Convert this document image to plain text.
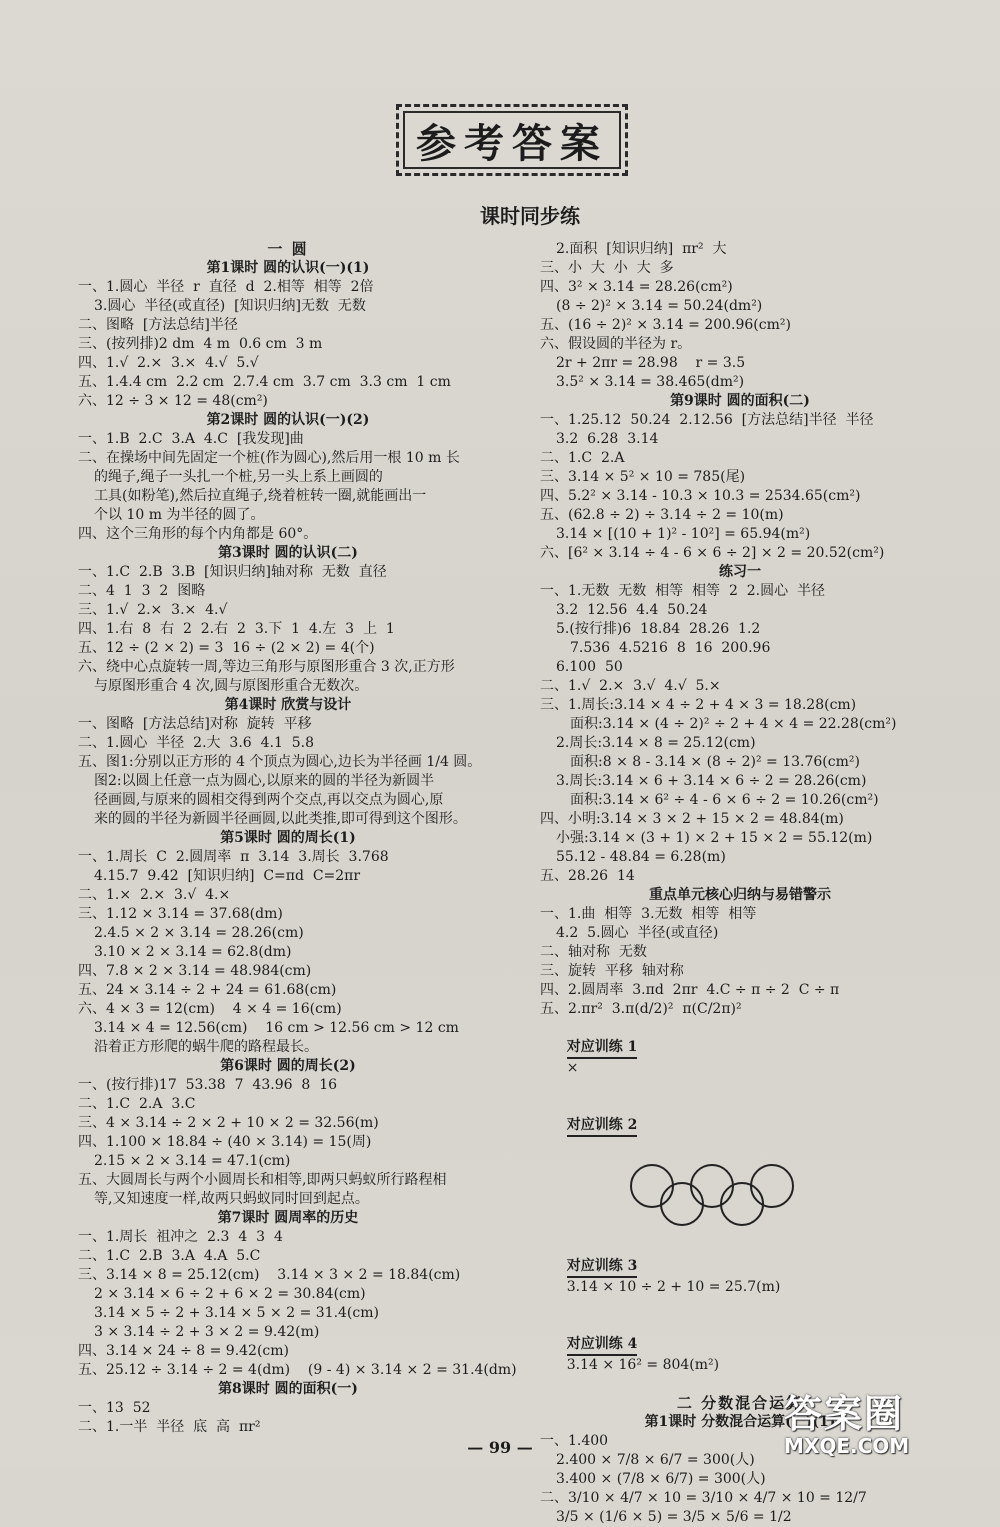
参考答案
课时同步练
一 圆
第1课时 圆的认识(一)(1)
一、1.圆心  半径  r  直径  d  2.相等  相等  2倍
3.圆心  半径(或直径)  [知识归纳]无数  无数
二、图略  [方法总结]半径
三、(按列排)2 dm  4 m  0.6 cm  3 m
四、1.√  2.×  3.×  4.√  5.√
五、1.4.4 cm  2.2 cm  2.7.4 cm  3.7 cm  3.3 cm  1 cm
六、12 ÷ 3 × 12 = 48(cm²)
第2课时 圆的认识(一)(2)
一、1.B  2.C  3.A  4.C  [我发现]曲
二、在操场中间先固定一个桩(作为圆心),然后用一根 10 m 长
的绳子,绳子一头扎一个桩,另一头上系上画圆的
工具(如粉笔),然后拉直绳子,绕着桩转一圈,就能画出一
个以 10 m 为半径的圆了。
四、这个三角形的每个内角都是 60°。
第3课时 圆的认识(二)
一、1.C  2.B  3.B  [知识归纳]轴对称  无数  直径
二、4  1  3  2  图略
三、1.√  2.×  3.×  4.√
四、1.右  8  右  2  2.右  2  3.下  1  4.左  3  上  1
五、12 ÷ (2 × 2) = 3  16 ÷ (2 × 2) = 4(个)
六、绕中心点旋转一周,等边三角形与原图形重合 3 次,正方形
与原图形重合 4 次,圆与原图形重合无数次。
第4课时 欣赏与设计
一、图略  [方法总结]对称  旋转  平移
二、1.圆心  半径  2.大  3.6  4.1  5.8
五、图1:分别以正方形的 4 个顶点为圆心,边长为半径画 1/4 圆。
图2:以圆上任意一点为圆心,以原来的圆的半径为新圆半
径画圆,与原来的圆相交得到两个交点,再以交点为圆心,原
来的圆的半径为新圆半径画圆,以此类推,即可得到这个图形。
第5课时 圆的周长(1)
一、1.周长  C  2.圆周率  π  3.14  3.周长  3.768
4.15.7  9.42  [知识归纳]  C=πd  C=2πr
二、1.×  2.×  3.√  4.×
三、1.12 × 3.14 = 37.68(dm)
2.4.5 × 2 × 3.14 = 28.26(cm)
3.10 × 2 × 3.14 = 62.8(dm)
四、7.8 × 2 × 3.14 = 48.984(cm)
五、24 × 3.14 ÷ 2 + 24 = 61.68(cm)
六、4 × 3 = 12(cm)    4 × 4 = 16(cm)
3.14 × 4 = 12.56(cm)    16 cm > 12.56 cm > 12 cm
沿着正方形爬的蜗牛爬的路程最长。
第6课时 圆的周长(2)
一、(按行排)17  53.38  7  43.96  8  16
二、1.C  2.A  3.C
三、4 × 3.14 ÷ 2 × 2 + 10 × 2 = 32.56(m)
四、1.100 × 18.84 ÷ (40 × 3.14) = 15(周)
2.15 × 2 × 3.14 = 47.1(cm)
五、大圆周长与两个小圆周长和相等,即两只蚂蚁所行路程相
等,又知速度一样,故两只蚂蚁同时回到起点。
第7课时 圆周率的历史
一、1.周长  祖冲之  2.3  4  3  4
二、1.C  2.B  3.A  4.A  5.C
三、3.14 × 8 = 25.12(cm)    3.14 × 3 × 2 = 18.84(cm)
2 × 3.14 × 6 ÷ 2 + 6 × 2 = 30.84(cm)
3.14 × 5 ÷ 2 + 3.14 × 5 × 2 = 31.4(cm)
3 × 3.14 ÷ 2 + 3 × 2 = 9.42(m)
四、3.14 × 24 ÷ 8 = 9.42(cm)
五、25.12 ÷ 3.14 ÷ 2 = 4(dm)    (9 - 4) × 3.14 × 2 = 31.4(dm)
第8课时 圆的面积(一)
一、13  52
二、1.一半  半径  底  高  πr²
2.面积  [知识归纳]  πr²  大
三、小  大  小  大  多
四、3² × 3.14 = 28.26(cm²)
(8 ÷ 2)² × 3.14 = 50.24(dm²)
五、(16 ÷ 2)² × 3.14 = 200.96(cm²)
六、假设圆的半径为 r。
2r + 2πr = 28.98    r = 3.5
3.5² × 3.14 = 38.465(dm²)
第9课时 圆的面积(二)
一、1.25.12  50.24  2.12.56  [方法总结]半径  半径
3.2  6.28  3.14
二、1.C  2.A
三、3.14 × 5² × 10 = 785(尾)
四、5.2² × 3.14 - 10.3 × 10.3 = 2534.65(cm²)
五、(62.8 ÷ 2) ÷ 3.14 ÷ 2 = 10(m)
3.14 × [(10 + 1)² - 10²] = 65.94(m²)
六、[6² × 3.14 ÷ 4 - 6 × 6 ÷ 2] × 2 = 20.52(cm²)
练习一
一、1.无数  无数  相等  相等  2  2.圆心  半径
3.2  12.56  4.4  50.24
5.(按行排)6  18.84  28.26  1.2
7.536  4.5216  8  16  200.96
6.100  50
二、1.√  2.×  3.√  4.√  5.×
三、1.周长:3.14 × 4 ÷ 2 + 4 × 3 = 18.28(cm)
面积:3.14 × (4 ÷ 2)² ÷ 2 + 4 × 4 = 22.28(cm²)
2.周长:3.14 × 8 = 25.12(cm)
面积:8 × 8 - 3.14 × (8 ÷ 2)² = 13.76(cm²)
3.周长:3.14 × 6 + 3.14 × 6 ÷ 2 = 28.26(cm)
面积:3.14 × 6² ÷ 4 - 6 × 6 ÷ 2 = 10.26(cm²)
四、小明:3.14 × 3 × 2 + 15 × 2 = 48.84(m)
小强:3.14 × (3 + 1) × 2 + 15 × 2 = 55.12(m)
55.12 - 48.84 = 6.28(m)
五、28.26  14
重点单元核心归纳与易错警示
一、1.曲  相等  3.无数  相等  相等
4.2  5.圆心  半径(或直径)
二、轴对称  无数
三、旋转  平移  轴对称
四、2.圆周率  3.πd  2πr  4.C ÷ π ÷ 2  C ÷ π
五、2.πr²  3.π(d/2)²  π(C/2π)²

对应训练 1
×

对应训练 2

对应训练 3
3.14 × 10 ÷ 2 + 10 = 25.7(m)

对应训练 4
3.14 × 16² = 804(m²)

二 分数混合运算
第1课时 分数混合运算(一)(1)
一、1.400
2.400 × 7/8 × 6/7 = 300(人)
3.400 × (7/8 × 6/7) = 300(人)
二、3/10 × 4/7 × 10 = 3/10 × 4/7 × 10 = 12/7
3/5 × (1/6 × 5) = 3/5 × 5/6 = 1/2
— 99 —
答案圈
MXQE.COM
